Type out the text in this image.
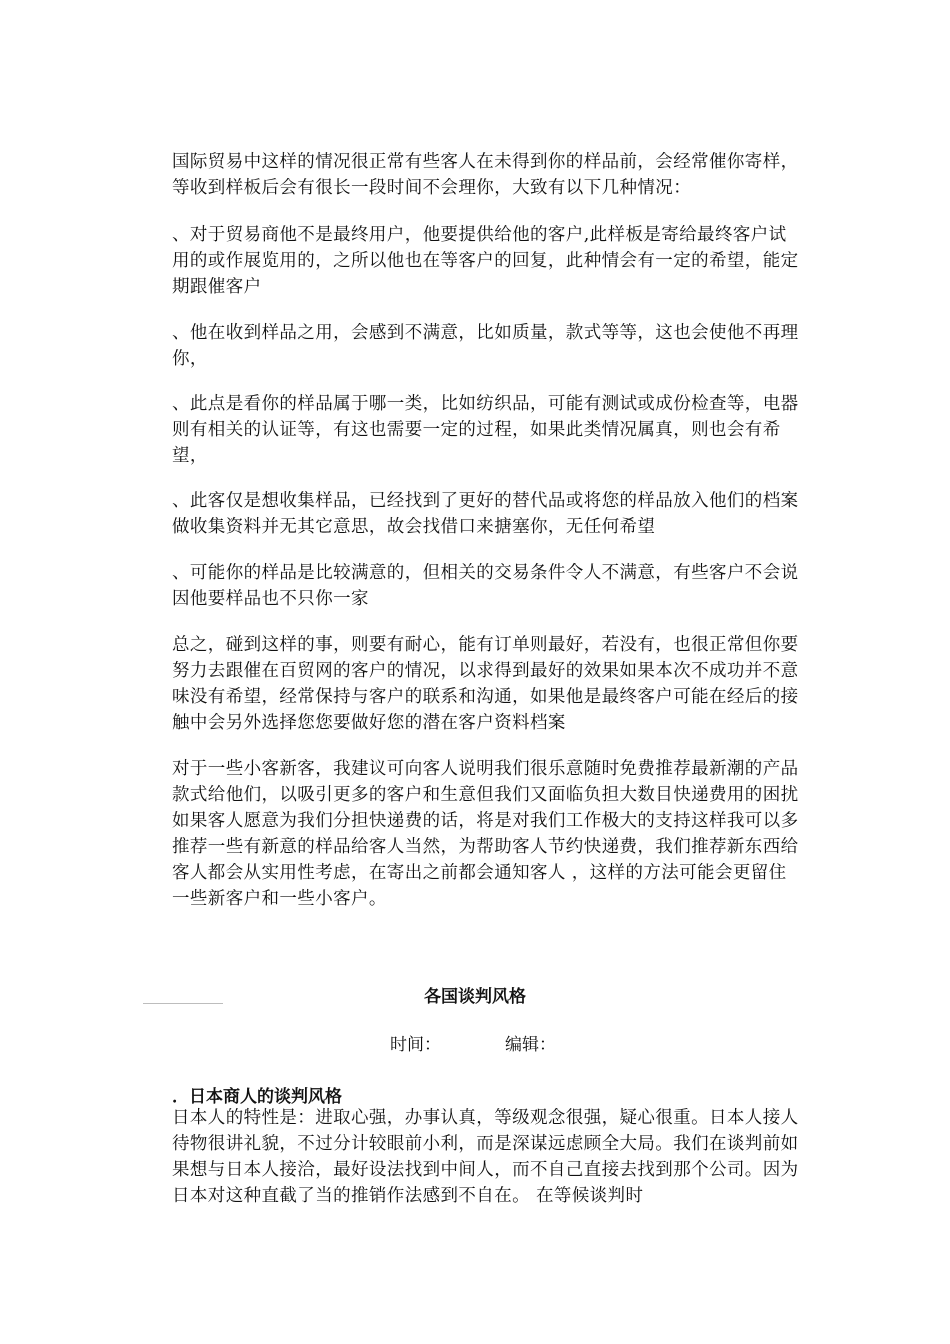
国际贸易中这样的情况很正常有些客人在未得到你的样品前，会经常催你寄样，等收到样板后会有很长一段时间不会理你，大致有以下几种情况：

、对于贸易商他不是最终用户，他要提供给他的客户,此样板是寄给最终客户试用的或作展览用的，之所以他也在等客户的回复，此种情会有一定的希望，能定期跟催客户

、他在收到样品之用，会感到不满意，比如质量，款式等等，这也会使他不再理你，

、此点是看你的样品属于哪一类，比如纺织品，可能有测试或成份检查等，电器则有相关的认证等，有这也需要一定的过程，如果此类情况属真，则也会有希望，

、此客仅是想收集样品，已经找到了更好的替代品或将您的样品放入他们的档案做收集资料并无其它意思，故会找借口来搪塞你，无任何希望

、可能你的样品是比较满意的，但相关的交易条件令人不满意，有些客户不会说因他要样品也不只你一家

总之，碰到这样的事，则要有耐心，能有订单则最好，若没有，也很正常但你要努力去跟催在百贸网的客户的情况，以求得到最好的效果如果本次不成功并不意味没有希望，经常保持与客户的联系和沟通，如果他是最终客户可能在经后的接触中会另外选择您您要做好您的潜在客户资料档案

对于一些小客新客，我建议可向客人说明我们很乐意随时免费推荐最新潮的产品款式给他们，以吸引更多的客户和生意但我们又面临负担大数目快递费用的困扰如果客人愿意为我们分担快递费的话，将是对我们工作极大的支持这样我可以多推荐一些有新意的样品给客人当然，为帮助客人节约快递费，我们推荐新东西给客人都会从实用性考虑，在寄出之前都会通知客人 ，这样的方法可能会更留住一些新客户和一些小客户。

各国谈判风格
时间：	编辑：
．日本商人的谈判风格

日本人的特性是：进取心强，办事认真，等级观念很强，疑心很重。日本人接人待物很讲礼貌，不过分计较眼前小利，而是深谋远虑顾全大局。我们在谈判前如果想与日本人接洽，最好设法找到中间人，而不自己直接去找到那个公司。因为日本对这种直截了当的推销作法感到不自在。 在等候谈判时
